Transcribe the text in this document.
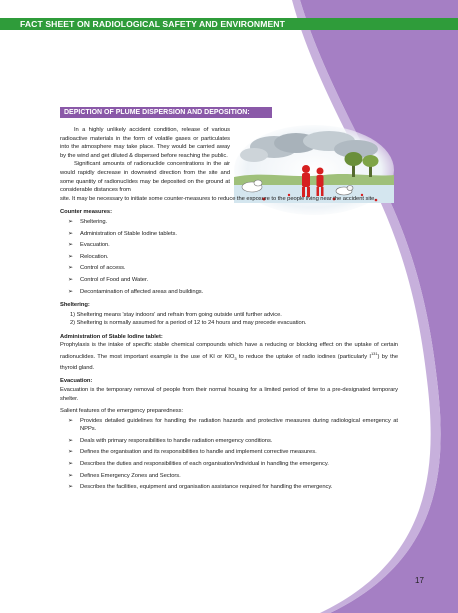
FACT SHEET ON RADIOLOGICAL SAFETY AND ENVIRONMENT
DEPICTION OF PLUME DISPERSION AND DEPOSITION:

In a highly unlikely accident condition, release of various radioactive materials in the form of volatile gases or particulates into the atmosphere may take place. They would be carried away by the wind and get diluted & dispersed before reaching the public.

Significant amounts of radionuclide concentrations in the air would rapidly decrease in downwind direction from the site and some quantity of radionuclides may be deposited on the ground at considerable distances from

site. It may be necessary to initiate some counter-measures to reduce the exposure to the people living near the accident site.

Counter measures:

➢ Sheltering.
➢ Administration of Stable Iodine tablets.
➢ Evacuation.
➢ Relocation.
➢ Control of access.
➢ Control of Food and Water.
➢ Decontamination of affected areas and buildings.

Sheltering:

1) Sheltering means 'stay indoors' and refrain from going outside until further advice.
2) Sheltering is normally assumed for a period of 12 to 24 hours and may precede evacuation.

Administration of Stable Iodine tablet:

Prophylaxis is the intake of specific stable chemical compounds which have a reducing or blocking effect on the uptake of certain radionuclides. The most important example is the use of KI or $KIO_3$ to reduce the uptake of radio iodines (particularly $I^{131}$) by the thyroid gland.

Evacuation:

Evacuation is the temporary removal of people from their normal housing for a limited period of time to a pre-designated temporary shelter.

Salient features of the emergency preparedness:

➢ Provides detailed guidelines for handling the radiation hazards and protective measures during radiological emergency at NPPs.
➢ Deals with primary responsibilities to handle radiation emergency conditions.
➢ Defines the organisation and its responsibilities to handle and implement corrective measures.
➢ Describes the duties and responsibilities of each organisation/individual in handling the emergency.
➢ Defines Emergency Zones and Sectors.
➢ Describes the facilities, equipment and organisation assistance required for handling the emergency.
17
